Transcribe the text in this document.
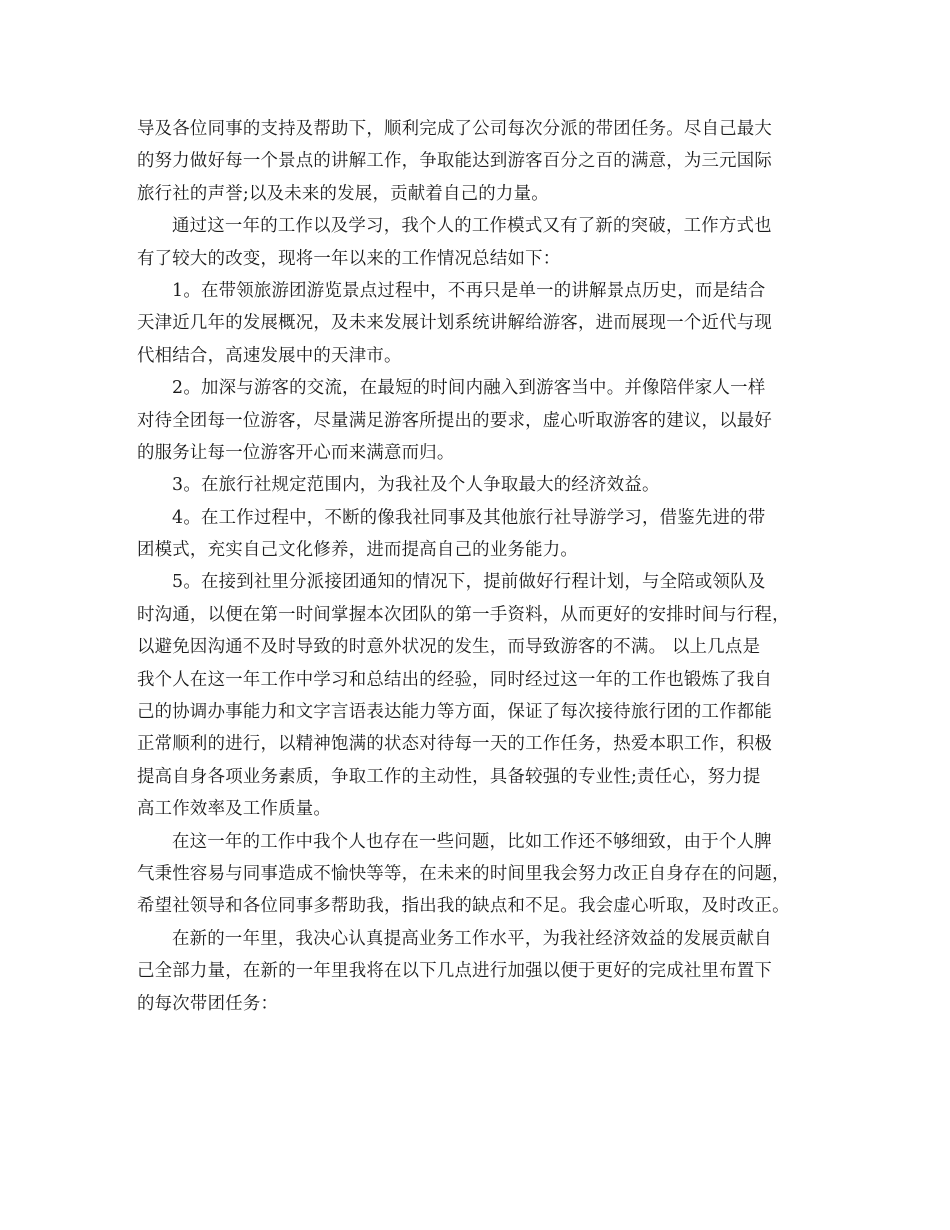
导及各位同事的支持及帮助下，顺利完成了公司每次分派的带团任务。尽自己最大
的努力做好每一个景点的讲解工作，争取能达到游客百分之百的满意，为三元国际
旅行社的声誉;以及未来的发展，贡献着自己的力量。
通过这一年的工作以及学习，我个人的工作模式又有了新的突破，工作方式也
有了较大的改变，现将一年以来的工作情况总结如下：
1。在带领旅游团游览景点过程中，不再只是单一的讲解景点历史，而是结合
天津近几年的发展概况，及未来发展计划系统讲解给游客，进而展现一个近代与现
代相结合，高速发展中的天津市。
2。加深与游客的交流，在最短的时间内融入到游客当中。并像陪伴家人一样
对待全团每一位游客，尽量满足游客所提出的要求，虚心听取游客的建议，以最好
的服务让每一位游客开心而来满意而归。
3。在旅行社规定范围内，为我社及个人争取最大的经济效益。
4。在工作过程中，不断的像我社同事及其他旅行社导游学习，借鉴先进的带
团模式，充实自己文化修养，进而提高自己的业务能力。
5。在接到社里分派接团通知的情况下，提前做好行程计划，与全陪或领队及
时沟通，以便在第一时间掌握本次团队的第一手资料，从而更好的安排时间与行程，
以避免因沟通不及时导致的时意外状况的发生，而导致游客的不满。 以上几点是
我个人在这一年工作中学习和总结出的经验，同时经过这一年的工作也锻炼了我自
己的协调办事能力和文字言语表达能力等方面，保证了每次接待旅行团的工作都能
正常顺利的进行，以精神饱满的状态对待每一天的工作任务，热爱本职工作，积极
提高自身各项业务素质，争取工作的主动性，具备较强的专业性;责任心，努力提
高工作效率及工作质量。
在这一年的工作中我个人也存在一些问题，比如工作还不够细致，由于个人脾
气秉性容易与同事造成不愉快等等，在未来的时间里我会努力改正自身存在的问题，
希望社领导和各位同事多帮助我，指出我的缺点和不足。我会虚心听取，及时改正。
在新的一年里，我决心认真提高业务工作水平，为我社经济效益的发展贡献自
己全部力量，在新的一年里我将在以下几点进行加强以便于更好的完成社里布置下
的每次带团任务：
